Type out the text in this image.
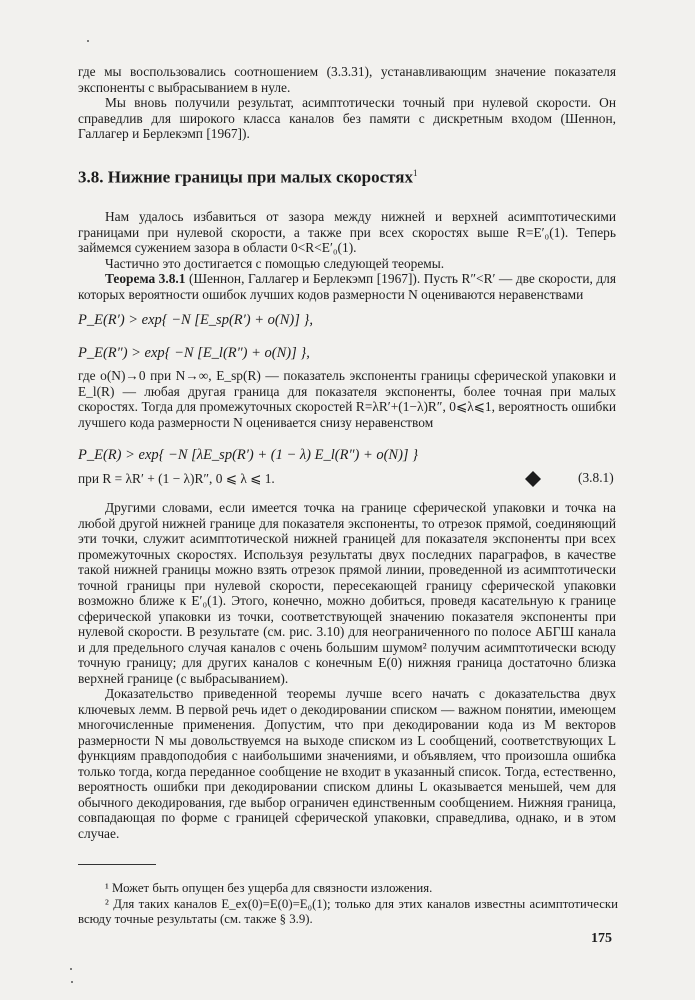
где мы воспользовались соотношением (3.3.31), устанавливающим значение показателя экспоненты с выбрасыванием в нуле.

Мы вновь получили результат, асимптотически точный при нулевой скорости. Он справедлив для широкого класса каналов без памяти с дискретным входом (Шеннон, Галлагер и Берлекэмп [1967]).

3.8. Нижние границы при малых скоростях$^1$

Нам удалось избавиться от зазора между нижней и верхней асимптотическими границами при нулевой скорости, а также при всех скоростях выше R=E′₀(1). Теперь займемся сужением зазора в области 0<R<E′₀(1).

Частично это достигается с помощью следующей теоремы.

Теорема 3.8.1 (Шеннон, Галлагер и Берлекэмп [1967]). Пусть R″<R′ — две скорости, для которых вероятности ошибок лучших кодов размерности N оцениваются неравенствами

P_E(R′) > exp{ −N [E_sp(R′) + o(N)] },
P_E(R″) > exp{ −N [E_l(R″) + o(N)] },

где o(N)→0 при N→∞, E_sp(R) — показатель экспоненты границы сферической упаковки и E_l(R) — любая другая граница для показателя экспоненты, более точная при малых скоростях. Тогда для промежуточных скоростей R=λR′+(1−λ)R″, 0⩽λ⩽1, вероятность ошибки лучшего кода размерности N оценивается снизу неравенством

P_E(R) > exp{ −N [λE_sp(R′) + (1 − λ) E_l(R″) + o(N)] }
при R = λR′ + (1 − λ)R″, 0 ⩽ λ ⩽ 1.	(3.8.1)

Другими словами, если имеется точка на границе сферической упаковки и точка на любой другой нижней границе для показателя экспоненты, то отрезок прямой, соединяющий эти точки, служит асимптотической нижней границей для показателя экспоненты при всех промежуточных скоростях. Используя результаты двух последних параграфов, в качестве такой нижней границы можно взять отрезок прямой линии, проведенной из асимптотически точной границы при нулевой скорости, пересекающей границу сферической упаковки возможно ближе к E′₀(1). Этого, конечно, можно добиться, проведя касательную к границе сферической упаковки из точки, соответствующей значению показателя экспоненты при нулевой скорости. В результате (см. рис. 3.10) для неограниченного по полосе АБГШ канала и для предельного случая каналов с очень большим шумом² получим асимптотически всюду точную границу; для других каналов с конечным E(0) нижняя граница достаточно близка верхней границе (с выбрасыванием).

Доказательство приведенной теоремы лучше всего начать с доказательства двух ключевых лемм. В первой речь идет о декодировании списком — важном понятии, имеющем многочисленные применения. Допустим, что при декодировании кода из M векторов размерности N мы довольствуемся на выходе списком из L сообщений, соответствующих L функциям правдоподобия с наибольшими значениями, и объявляем, что произошла ошибка только тогда, когда переданное сообщение не входит в указанный список. Тогда, естественно, вероятность ошибки при декодировании списком длины L оказывается меньшей, чем для обычного декодирования, где выбор ограничен единственным сообщением. Нижняя граница, совпадающая по форме с границей сферической упаковки, справедлива, однако, и в этом случае.

¹ Может быть опущен без ущерба для связности изложения.
² Для таких каналов E_ex(0)=E(0)=E₀(1); только для этих каналов известны асимптотически всюду точные результаты (см. также § 3.9).
175
